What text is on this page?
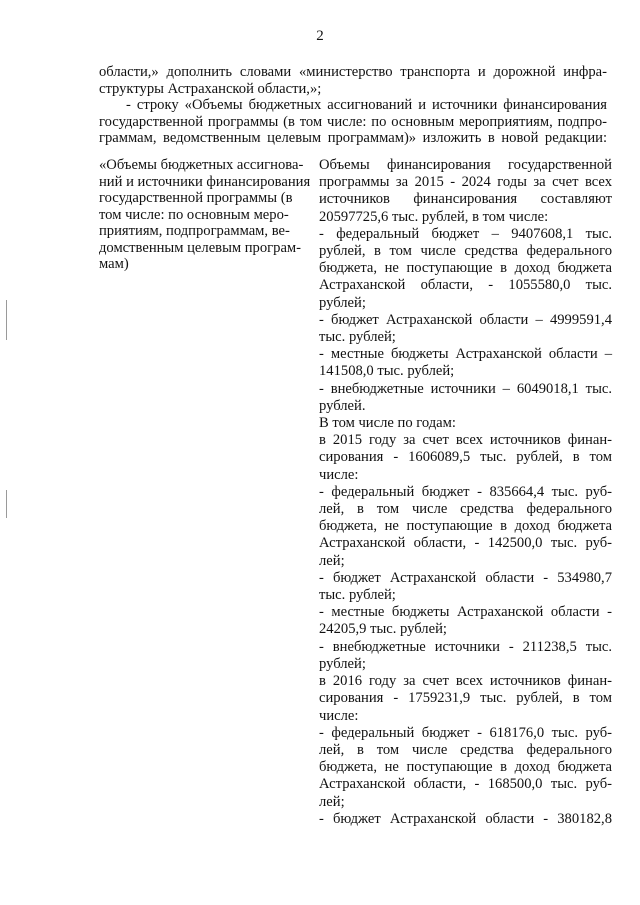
2
области,» дополнить словами «министерство транспорта и дорожной инфра-
структуры Астраханской области,»;
- строку «Объемы бюджетных ассигнований и источники финансирования
государственной программы (в том числе: по основным мероприятиям, подпро-
граммам, ведомственным целевым программам)» изложить в новой редакции:
«Объемы бюджетных ассигнова-
ний и источники финансирования
государственной программы (в
том числе: по основным меро-
приятиям, подпрограммам, ве-
домственным целевым програм-
мам)
Объемы финансирования государственной
программы за 2015 - 2024 годы за счет всех
источников финансирования составляют
20597725,6 тыс. рублей, в том числе:
- федеральный бюджет – 9407608,1 тыс.
рублей, в том числе средства федерального
бюджета, не поступающие в доход бюджета
Астраханской области, - 1055580,0 тыс.
рублей;
- бюджет Астраханской области – 4999591,4
тыс. рублей;
- местные бюджеты Астраханской области –
141508,0 тыс. рублей;
- внебюджетные источники – 6049018,1 тыс.
рублей.
В том числе по годам:
в 2015 году за счет всех источников финан-
сирования - 1606089,5 тыс. рублей, в том
числе:
- федеральный бюджет - 835664,4 тыс. руб-
лей, в том числе средства федерального
бюджета, не поступающие в доход бюджета
Астраханской области, - 142500,0 тыс. руб-
лей;
- бюджет Астраханской области - 534980,7
тыс. рублей;
- местные бюджеты Астраханской области -
24205,9 тыс. рублей;
- внебюджетные источники - 211238,5 тыс.
рублей;
в 2016 году за счет всех источников финан-
сирования - 1759231,9 тыс. рублей, в том
числе:
- федеральный бюджет - 618176,0 тыс. руб-
лей, в том числе средства федерального
бюджета, не поступающие в доход бюджета
Астраханской области, - 168500,0 тыс. руб-
лей;
- бюджет Астраханской области - 380182,8
